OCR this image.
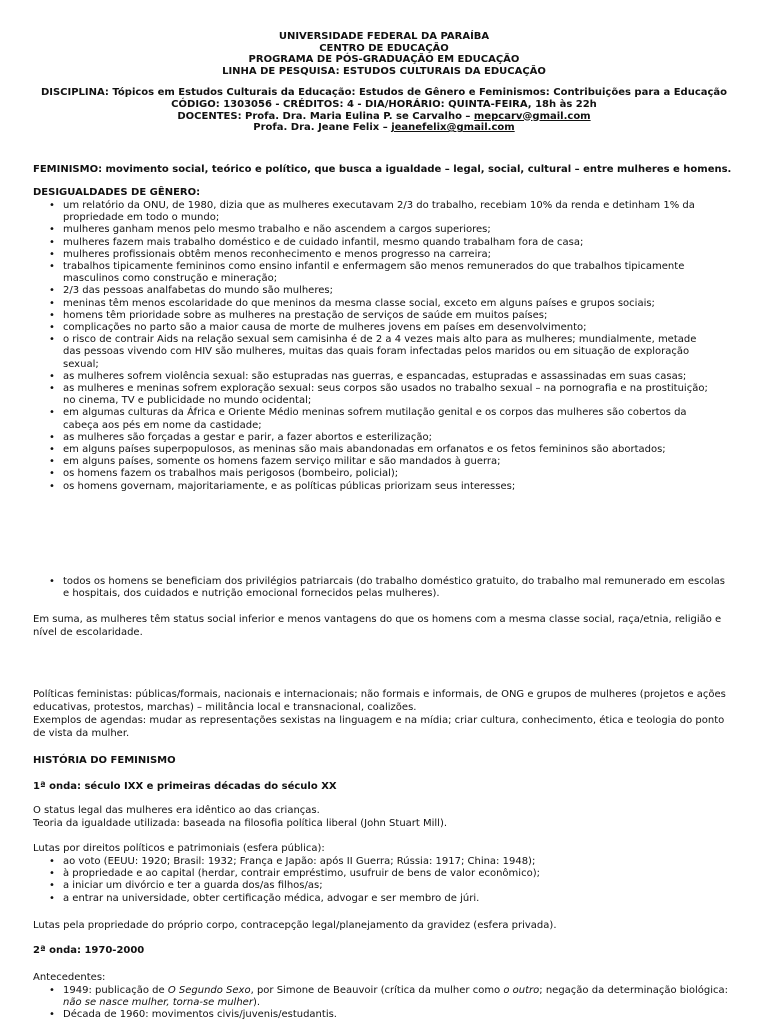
UNIVERSIDADE FEDERAL DA PARAÍBA
CENTRO DE EDUCAÇÃO
PROGRAMA DE PÓS-GRADUAÇÃO EM EDUCAÇÃO
LINHA DE PESQUISA: ESTUDOS CULTURAIS DA EDUCAÇÃO
DISCIPLINA: Tópicos em Estudos Culturais da Educação: Estudos de Gênero e Feminismos: Contribuições para a Educação
CÓDIGO: 1303056 - CRÉDITOS: 4 - DIA/HORÁRIO: QUINTA-FEIRA, 18h às 22h
DOCENTES: Profa. Dra. Maria Eulina P. se Carvalho – mepcarv@gmail.com
Profa. Dra. Jeane Felix – jeanefelix@gmail.com
FEMINISMO: movimento social, teórico e político, que busca a igualdade – legal, social, cultural – entre mulheres e homens.
DESIGUALDADES DE GÊNERO:
• um relatório da ONU, de 1980, dizia que as mulheres executavam 2/3 do trabalho, recebiam 10% da renda e detinham 1% da propriedade em todo o mundo;
• mulheres ganham menos pelo mesmo trabalho e não ascendem a cargos superiores;
• mulheres fazem mais trabalho doméstico e de cuidado infantil, mesmo quando trabalham fora de casa;
• mulheres profissionais obtêm menos reconhecimento e menos progresso na carreira;
• trabalhos tipicamente femininos como ensino infantil e enfermagem são menos remunerados do que trabalhos tipicamente masculinos como construção e mineração;
• 2/3 das pessoas analfabetas do mundo são mulheres;
• meninas têm menos escolaridade do que meninos da mesma classe social, exceto em alguns países e grupos sociais;
• homens têm prioridade sobre as mulheres na prestação de serviços de saúde em muitos países;
• complicações no parto são a maior causa de morte de mulheres jovens em países em desenvolvimento;
• o risco de contrair Aids na relação sexual sem camisinha é de 2 a 4 vezes mais alto para as mulheres; mundialmente, metade das pessoas vivendo com HIV são mulheres, muitas das quais foram infectadas pelos maridos ou em situação de exploração sexual;
• as mulheres sofrem violência sexual: são estupradas nas guerras, e espancadas, estupradas e assassinadas em suas casas;
• as mulheres e meninas sofrem exploração sexual: seus corpos são usados no trabalho sexual – na pornografia e na prostituição; no cinema, TV e publicidade no mundo ocidental;
• em algumas culturas da África e Oriente Médio meninas sofrem mutilação genital e os corpos das mulheres são cobertos da cabeça aos pés em nome da castidade;
• as mulheres são forçadas a gestar e parir, a fazer abortos e esterilização;
• em alguns países superpopulosos, as meninas são mais abandonadas em orfanatos e os fetos femininos são abortados;
• em alguns países, somente os homens fazem serviço militar e são mandados à guerra;
• os homens fazem os trabalhos mais perigosos (bombeiro, policial);
• os homens governam, majoritariamente, e as políticas públicas priorizam seus interesses;
• todos os homens se beneficiam dos privilégios patriarcais (do trabalho doméstico gratuito, do trabalho mal remunerado em escolas e hospitais, dos cuidados e nutrição emocional fornecidos pelas mulheres).
Em suma, as mulheres têm status social inferior e menos vantagens do que os homens com a mesma classe social, raça/etnia, religião e nível de escolaridade.
Políticas feministas: públicas/formais, nacionais e internacionais; não formais e informais, de ONG e grupos de mulheres (projetos e ações educativas, protestos, marchas) – militância local e transnacional, coalizões.
Exemplos de agendas: mudar as representações sexistas na linguagem e na mídia; criar cultura, conhecimento, ética e teologia do ponto de vista da mulher.
HISTÓRIA DO FEMINISMO
1ª onda: século IXX e primeiras décadas do século XX
O status legal das mulheres era idêntico ao das crianças.
Teoria da igualdade utilizada: baseada na filosofia política liberal (John Stuart Mill).
Lutas por direitos políticos e patrimoniais (esfera pública):
• ao voto (EEUU: 1920; Brasil: 1932; França e Japão: após II Guerra; Rússia: 1917; China: 1948);
• à propriedade e ao capital (herdar, contrair empréstimo, usufruir de bens de valor econômico);
• a iniciar um divórcio e ter a guarda dos/as filhos/as;
• a entrar na universidade, obter certificação médica, advogar e ser membro de júri.
Lutas pela propriedade do próprio corpo, contracepção legal/planejamento da gravidez (esfera privada).
2ª onda: 1970-2000
Antecedentes:
• 1949: publicação de O Segundo Sexo, por Simone de Beauvoir (crítica da mulher como o outro; negação da determinação biológica: não se nasce mulher, torna-se mulher).
• Década de 1960: movimentos civis/juvenis/estudantis.
